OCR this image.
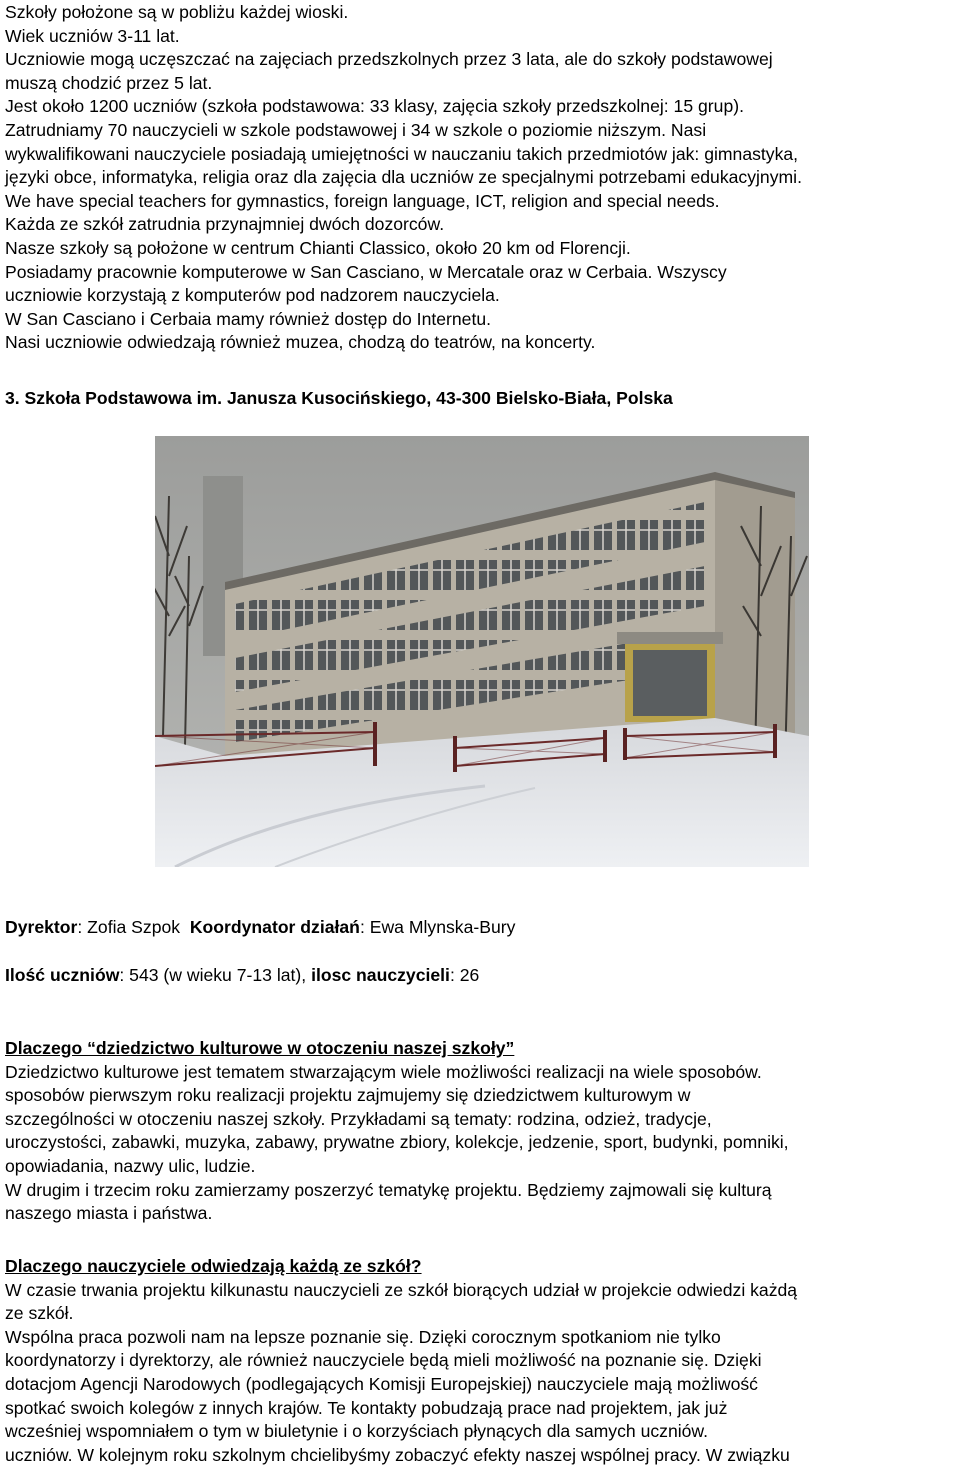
Szkoły położone są w pobliżu każdej wioski.
Wiek uczniów 3-11 lat.
Uczniowie mogą uczęszczać na zajęciach przedszkolnych przez 3 lata, ale do szkoły podstawowej
muszą chodzić przez 5 lat.
Jest około 1200 uczniów (szkoła podstawowa: 33 klasy, zajęcia szkoły przedszkolnej: 15 grup).
Zatrudniamy 70 nauczycieli w szkole podstawowej i 34 w szkole o poziomie niższym. Nasi
wykwalifikowani nauczyciele posiadają umiejętności w nauczaniu takich przedmiotów jak: gimnastyka,
języki obce, informatyka, religia oraz dla zajęcia dla uczniów ze specjalnymi potrzebami edukacyjnymi.
We have special teachers for gymnastics, foreign language, ICT, religion and special needs.
Każda ze szkół zatrudnia przynajmniej dwóch dozorców.
Nasze szkoły są położone w centrum Chianti Classico, około 20 km od Florencji.
Posiadamy pracownie komputerowe w San Casciano, w Mercatale oraz w Cerbaia. Wszyscy
uczniowie korzystają z komputerów pod nadzorem nauczyciela.
W San Casciano i Cerbaia mamy również dostęp do Internetu.
Nasi uczniowie odwiedzają również muzea, chodzą do teatrów, na koncerty.
3. Szkoła Podstawowa im. Janusza Kusocińskiego, 43-300 Bielsko-Biała, Polska
Dyrektor: Zofia Szpok Koordynator działań: Ewa Mlynska-Bury
Ilość uczniów: 543 (w wieku 7-13 lat), ilosc nauczycieli: 26
Dlaczego “dziedzictwo kulturowe w otoczeniu naszej szkoły”
Dziedzictwo kulturowe jest tematem stwarzającym wiele możliwości realizacji na wiele sposobów.
sposobów pierwszym roku realizacji projektu zajmujemy się dziedzictwem kulturowym w
szczególności w otoczeniu naszej szkoły. Przykładami są tematy: rodzina, odzież, tradycje,
uroczystości, zabawki, muzyka, zabawy, prywatne zbiory, kolekcje, jedzenie, sport, budynki, pomniki,
opowiadania, nazwy ulic, ludzie.
W drugim i trzecim roku zamierzamy poszerzyć tematykę projektu. Będziemy zajmowali się kulturą
naszego miasta i państwa.
Dlaczego nauczyciele odwiedzają każdą ze szkół?
W czasie trwania projektu kilkunastu nauczycieli ze szkół biorących udział w projekcie odwiedzi każdą
ze szkół.
Wspólna praca pozwoli nam na lepsze poznanie się. Dzięki corocznym spotkaniom nie tylko
koordynatorzy i dyrektorzy, ale również nauczyciele będą mieli możliwość na poznanie się. Dzięki
dotacjom Agencji Narodowych (podlegających Komisji Europejskiej) nauczyciele mają możliwość
spotkać swoich kolegów z innych krajów. Te kontakty pobudzają prace nad projektem, jak już
wcześniej wspomniałem o tym w biuletynie i o korzyściach płynących dla samych uczniów.
uczniów. W kolejnym roku szkolnym chcielibyśmy zobaczyć efekty naszej wspólnej pracy. W związku
